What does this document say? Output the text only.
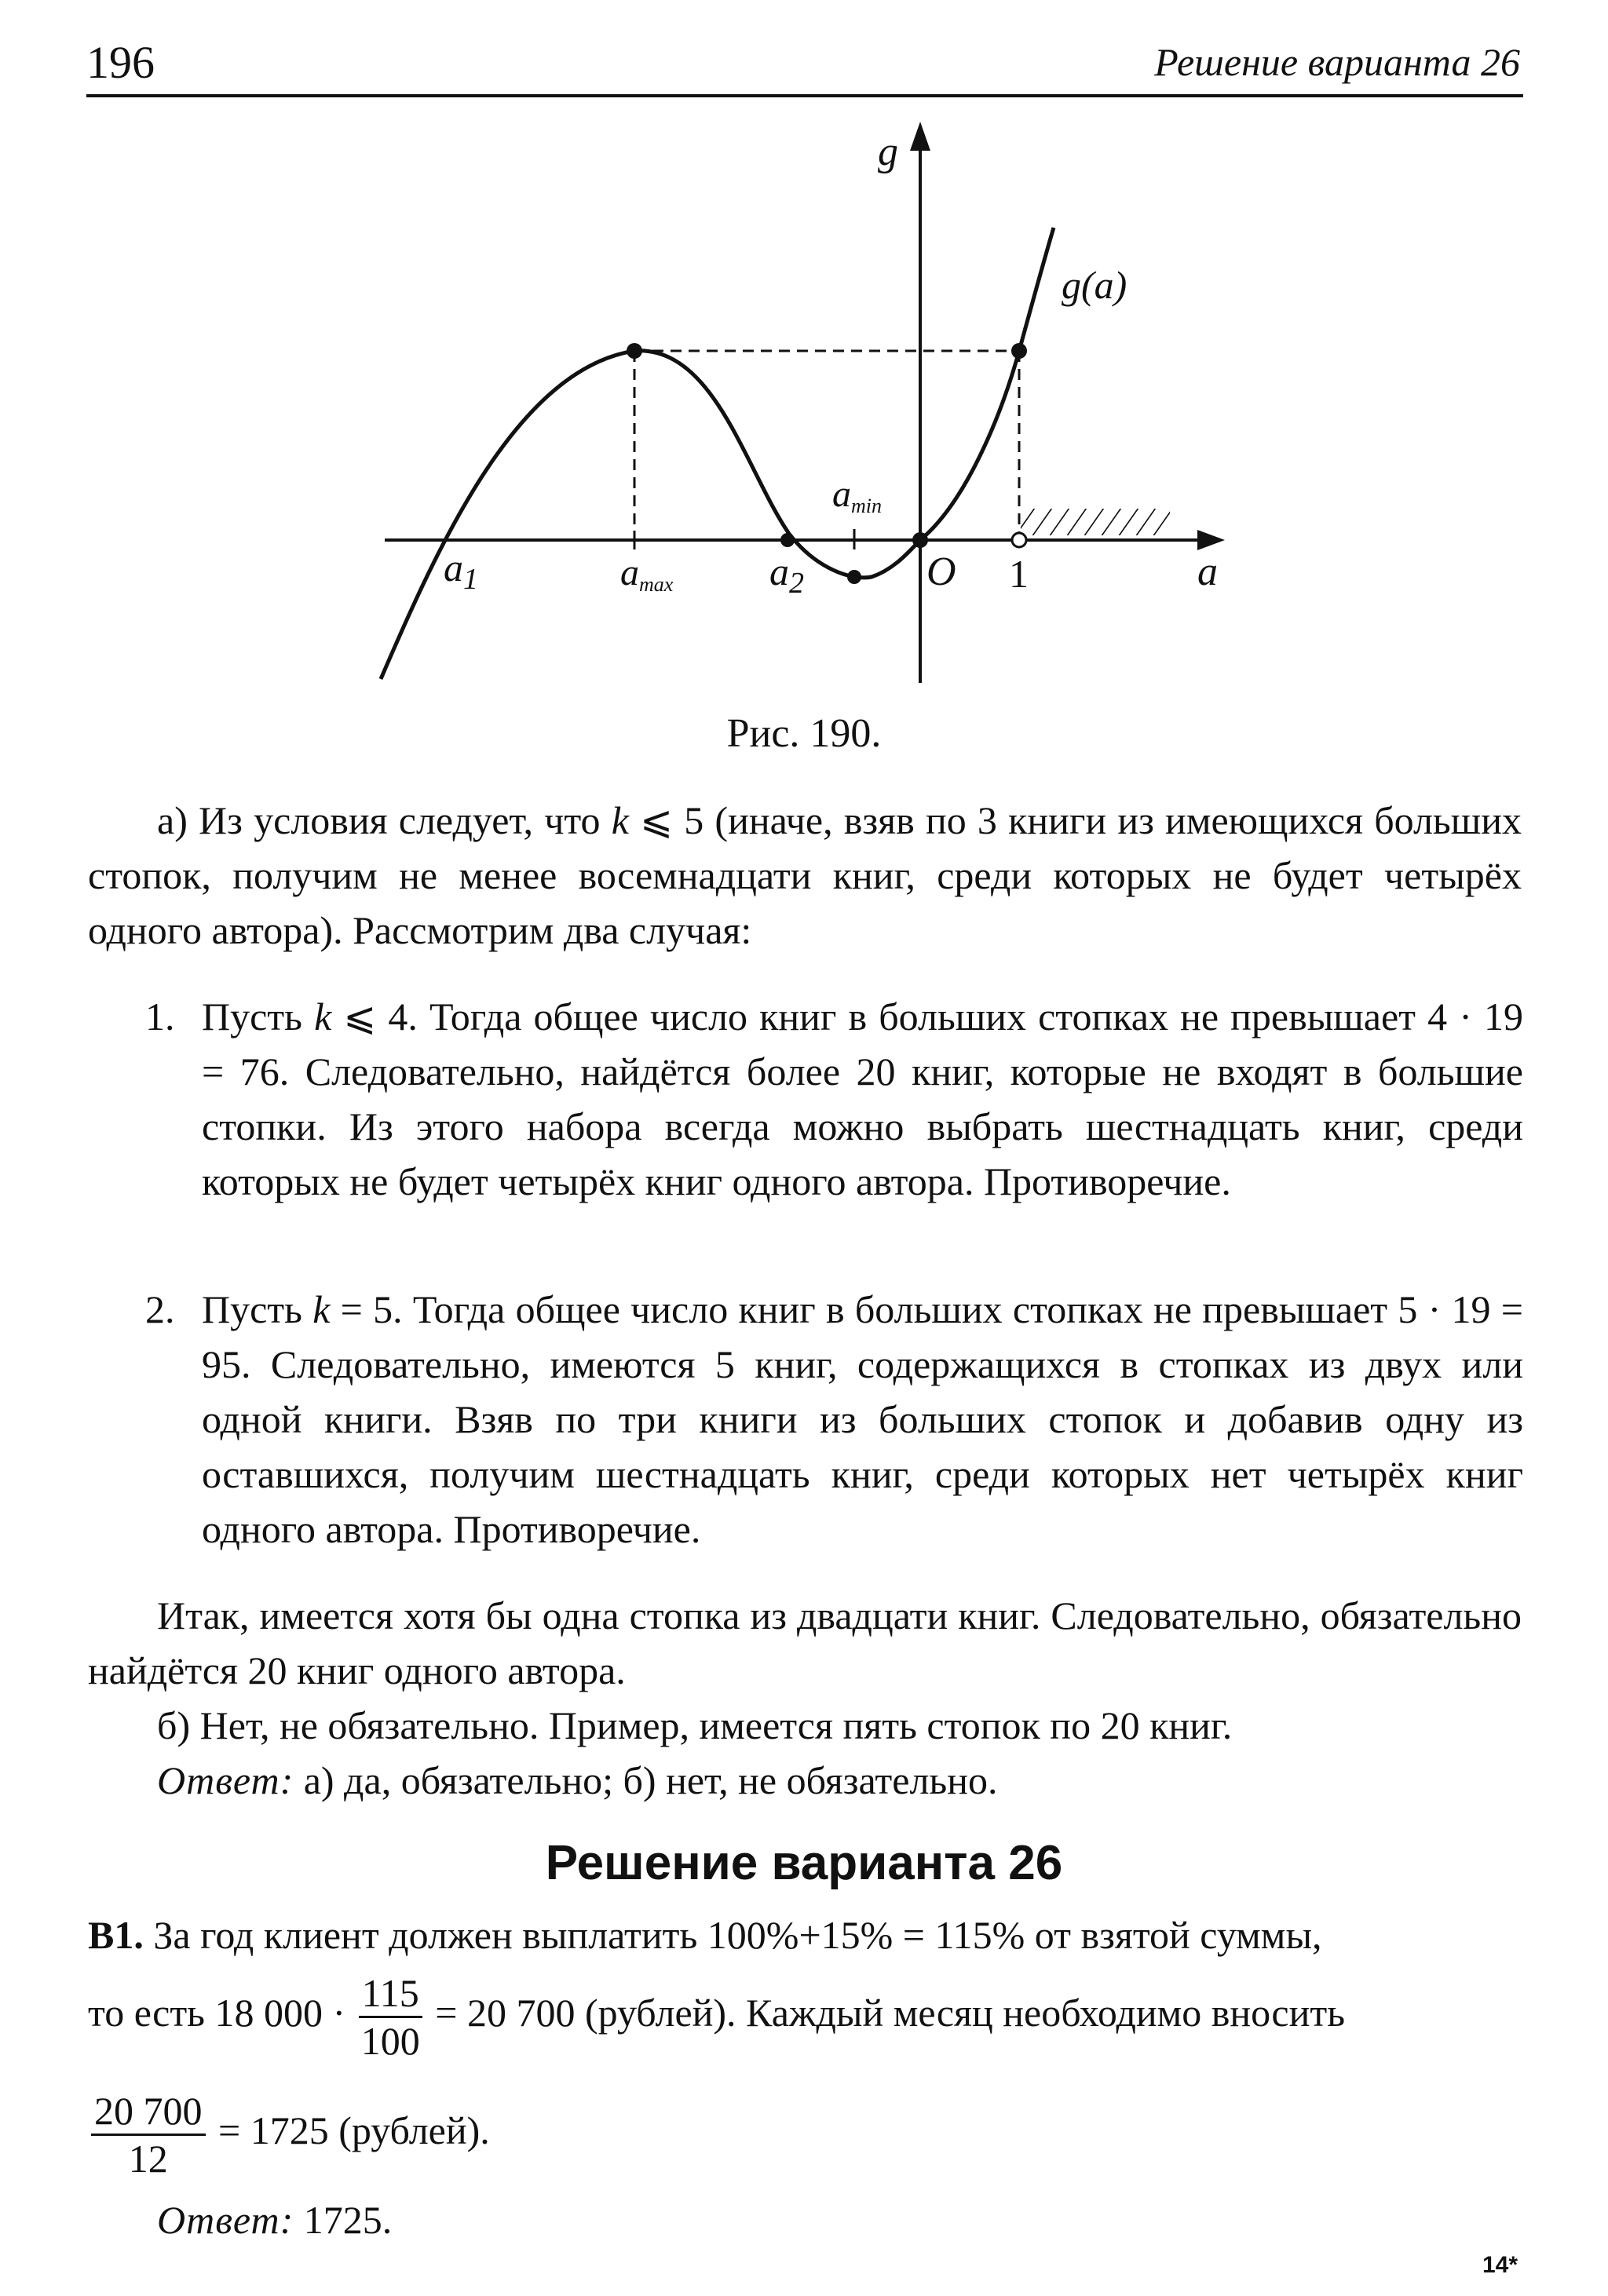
196	Решение варианта 26
g
a
g(a)
$a_1$	amax $a_2$
amin
O 1
Рис. 190.
а) Из условия следует, что k ⩽ 5 (иначе, взяв по 3 книги из имеющихся больших стопок, получим не менее восемнадцати книг, среди которых не будет четырёх одного автора). Рассмотрим два случая:
1. Пусть k ⩽ 4. Тогда общее число книг в больших стопках не превышает 4 · 19 = 76. Следовательно, найдётся более 20 книг, которые не входят в большие стопки. Из этого набора всегда можно выбрать шестнадцать книг, среди которых не будет четырёх книг одного автора. Противоречие.
2. Пусть k = 5. Тогда общее число книг в больших стопках не превышает 5 · 19 = 95. Следовательно, имеются 5 книг, содержащихся в стопках из двух или одной книги. Взяв по три книги из больших стопок и добавив одну из оставшихся, получим шестнадцать книг, среди которых нет четырёх книг одного автора. Противоречие.
Итак, имеется хотя бы одна стопка из двадцати книг. Следовательно, обязательно найдётся 20 книг одного автора.
б) Нет, не обязательно. Пример, имеется пять стопок по 20 книг.
Ответ: а) да, обязательно; б) нет, не обязательно.
Решение варианта 26
B1. За год клиент должен выплатить 100%+15% = 115% от взятой суммы,
то есть 18 $000 \cdot \frac{115}{100} = 20$ 700 (рублей). Каждый месяц необходимо вносить
$\frac{20 700}{12} = 1725$ (рублей).
Ответ: 1725.
14*
